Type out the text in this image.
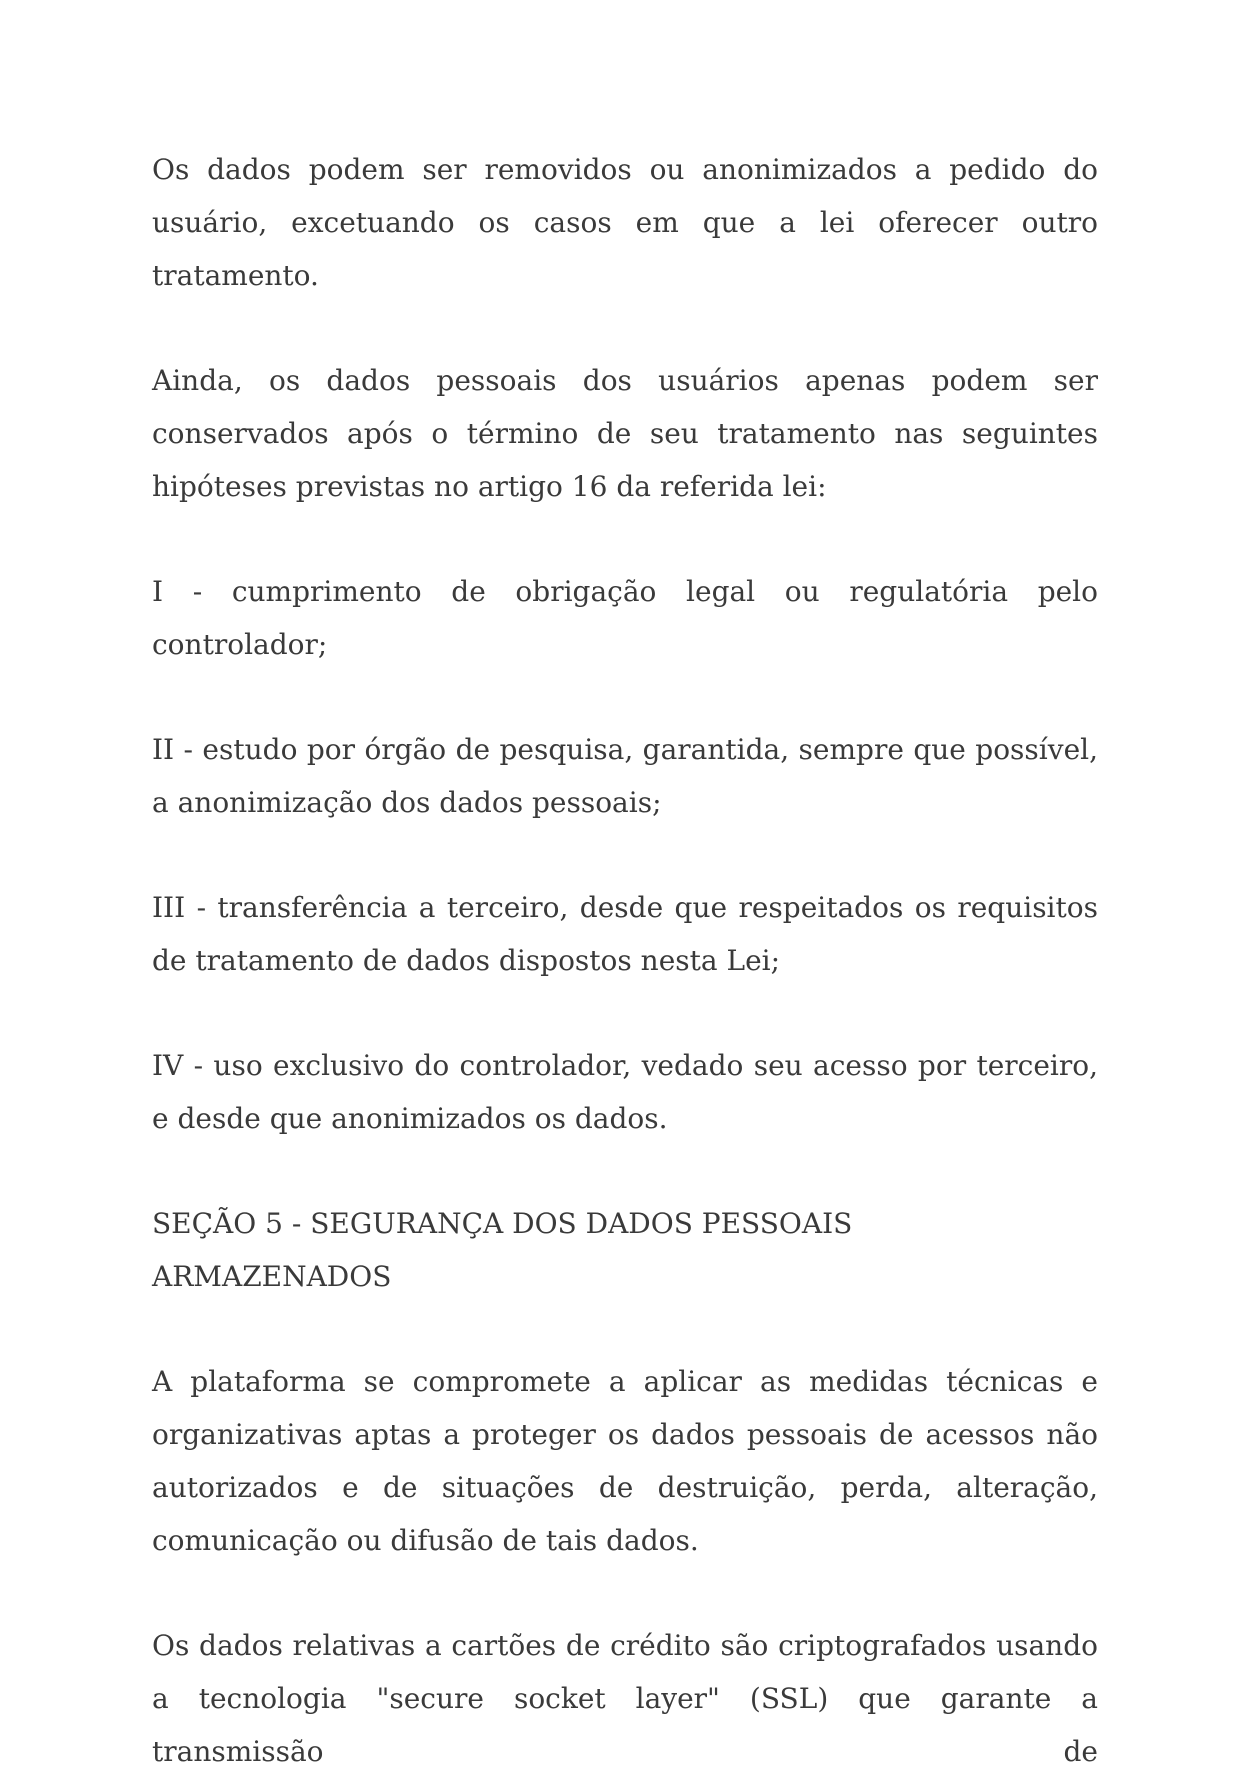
Os dados podem ser removidos ou anonimizados a pedido do usuário, excetuando os casos em que a lei oferecer outro tratamento.

Ainda, os dados pessoais dos usuários apenas podem ser conservados após o término de seu tratamento nas seguintes hipóteses previstas no artigo 16 da referida lei:

I - cumprimento de obrigação legal ou regulatória pelo controlador;

II - estudo por órgão de pesquisa, garantida, sempre que possível, a anonimização dos dados pessoais;

III - transferência a terceiro, desde que respeitados os requisitos de tratamento de dados dispostos nesta Lei;

IV - uso exclusivo do controlador, vedado seu acesso por terceiro, e desde que anonimizados os dados.

SEÇÃO 5 - SEGURANÇA DOS DADOS PESSOAIS ARMAZENADOS

A plataforma se compromete a aplicar as medidas técnicas e organizativas aptas a proteger os dados pessoais de acessos não autorizados e de situações de destruição, perda, alteração, comunicação ou difusão de tais dados.

Os dados relativas a cartões de crédito são criptografados usando a tecnologia "secure socket layer" (SSL) que garante a transmissão de
